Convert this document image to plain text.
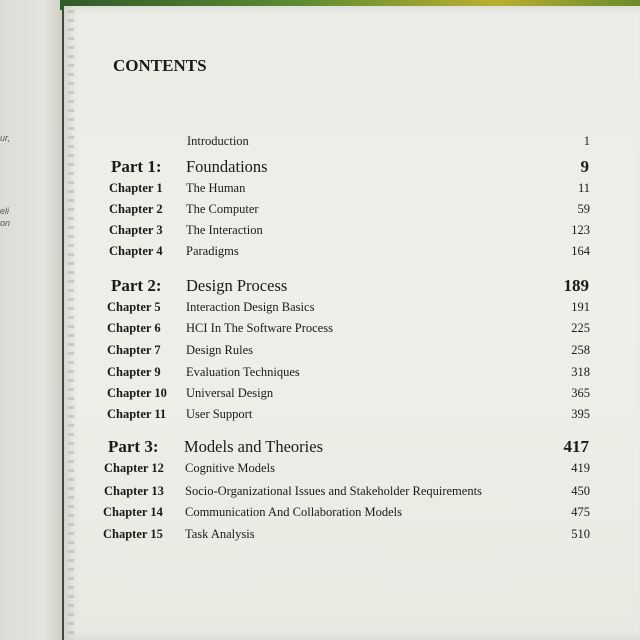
ur,
eli
on
CONTENTS
Introduction	1
Part 1: Foundations	9
Chapter 1 The Human	11
Chapter 2 The Computer	59
Chapter 3 The Interaction	123
Chapter 4 Paradigms	164
Part 2: Design Process	189
Chapter 5 Interaction Design Basics	191
Chapter 6 HCI In The Software Process	225
Chapter 7 Design Rules	258
Chapter 9 Evaluation Techniques	318
Chapter 10 Universal Design	365
Chapter 11 User Support	395
Part 3: Models and Theories	417
Chapter 12 Cognitive Models	419
Chapter 13 Socio-Organizational Issues and Stakeholder Requirements	450
Chapter 14 Communication And Collaboration Models	475
Chapter 15 Task Analysis	510
